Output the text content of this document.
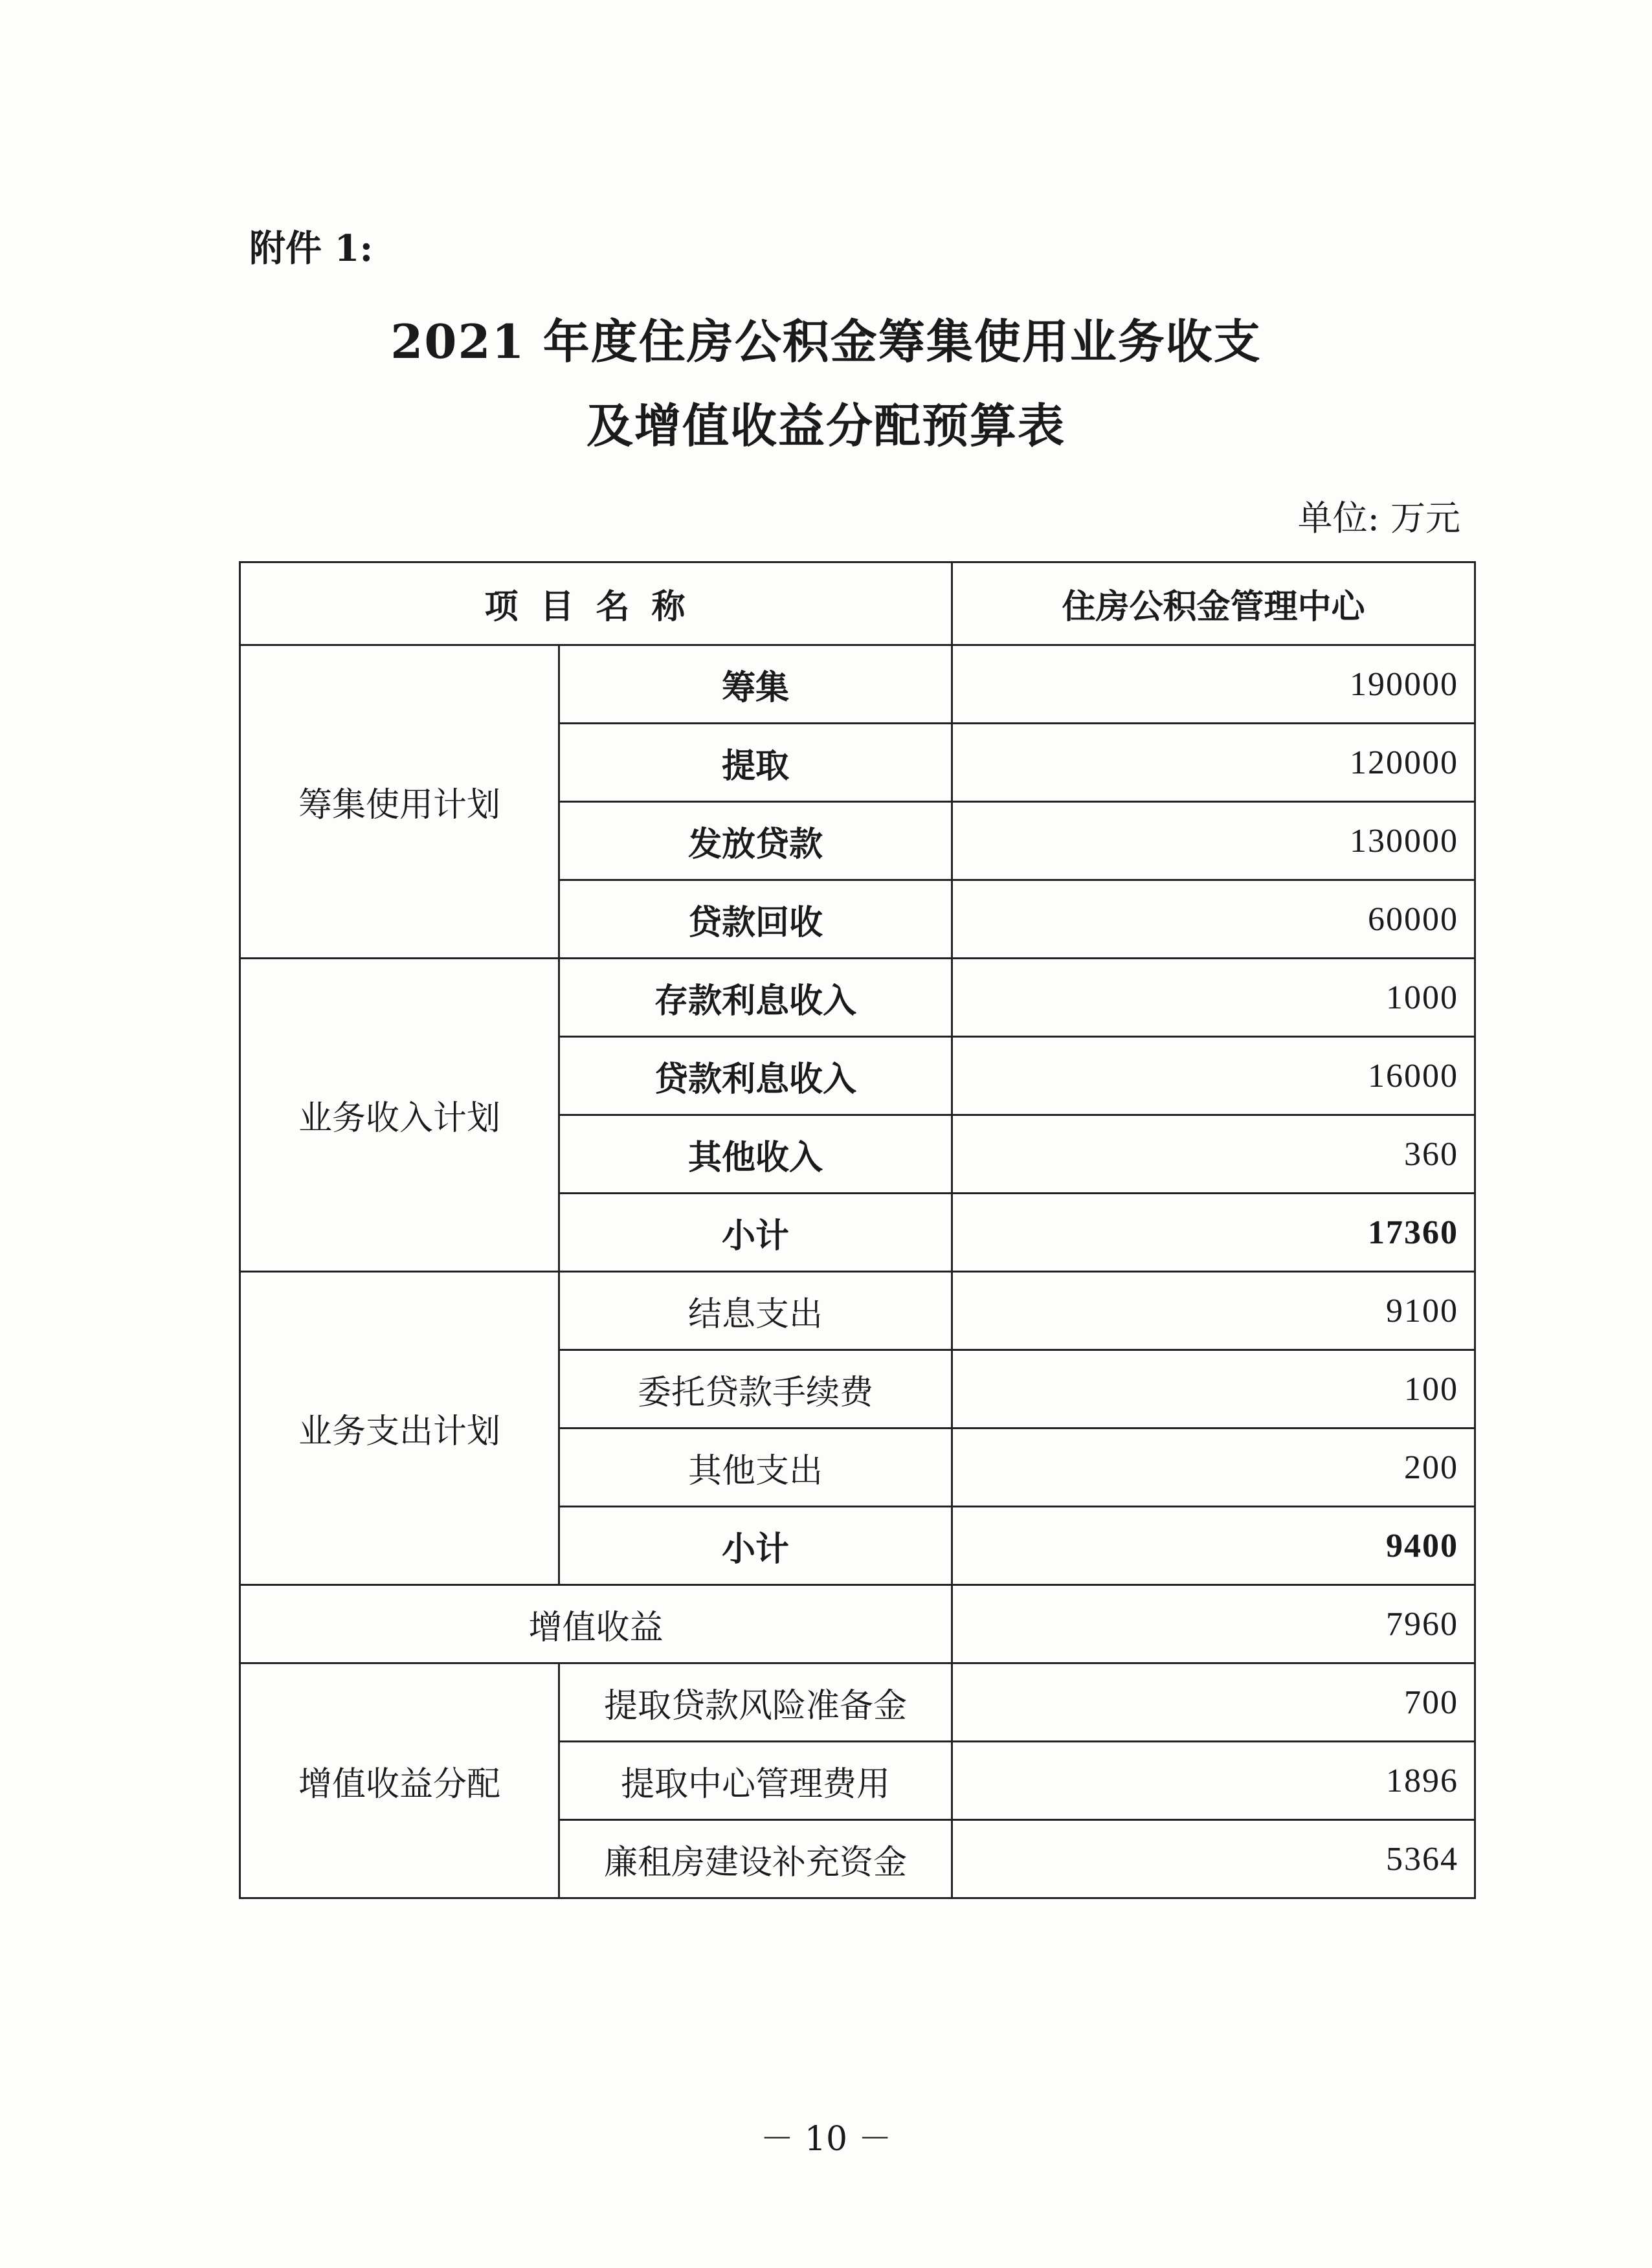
附件 1:
2021 年度住房公积金筹集使用业务收支
及增值收益分配预算表
单位: 万元
项目名称		住房公积金管理中心
筹集使用计划	筹集	190000
	提取	120000
	发放贷款	130000
	贷款回收	60000
业务收入计划	存款利息收入	1000
	贷款利息收入	16000
	其他收入	360
	小计	17360
业务支出计划	结息支出	9100
	委托贷款手续费	100
	其他支出	200
	小计	9400
增值收益		7960
增值收益分配	提取贷款风险准备金	700
	提取中心管理费用	1896
	廉租房建设补充资金	5364
－ 10 －
